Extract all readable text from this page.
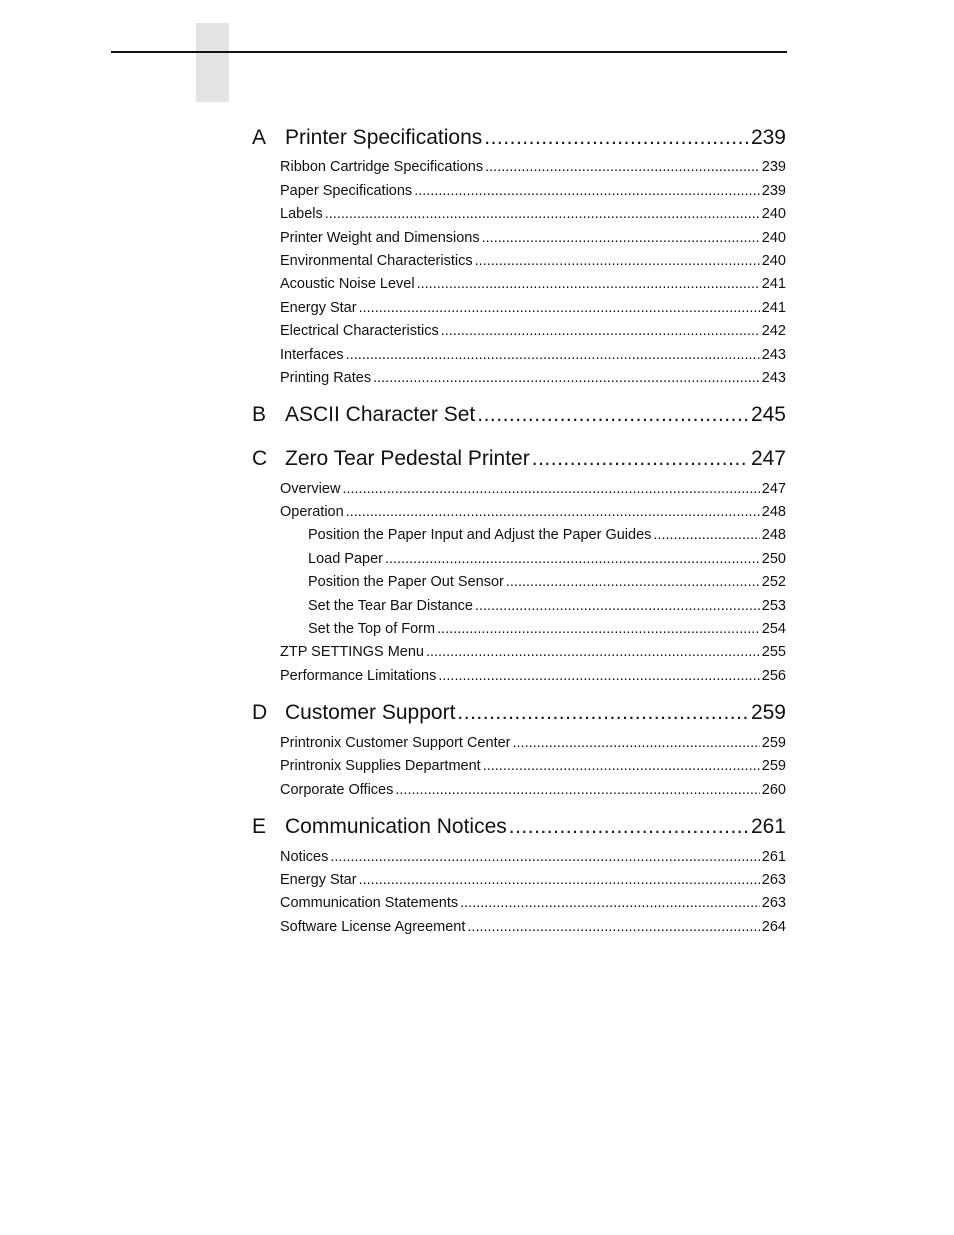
A Printer Specifications .....	239
Ribbon Cartridge Specifications .....	239
Paper Specifications .....	239
Labels .....	240
Printer Weight and Dimensions .....	240
Environmental Characteristics .....	240
Acoustic Noise Level .....	241
Energy Star .....	241
Electrical Characteristics .....	242
Interfaces .....	243
Printing Rates .....	243
B ASCII Character Set .....	245
C Zero Tear Pedestal Printer .....	247
Overview .....	247
Operation .....	248
Position the Paper Input and Adjust the Paper Guides .....	248
Load Paper .....	250
Position the Paper Out Sensor .....	252
Set the Tear Bar Distance .....	253
Set the Top of Form .....	254
ZTP SETTINGS Menu .....	255
Performance Limitations .....	256
D Customer Support .....	259
Printronix Customer Support Center .....	259
Printronix Supplies Department .....	259
Corporate Offices .....	260
E Communication Notices .....	261
Notices .....	261
Energy Star .....	263
Communication Statements .....	263
Software License Agreement .....	264
